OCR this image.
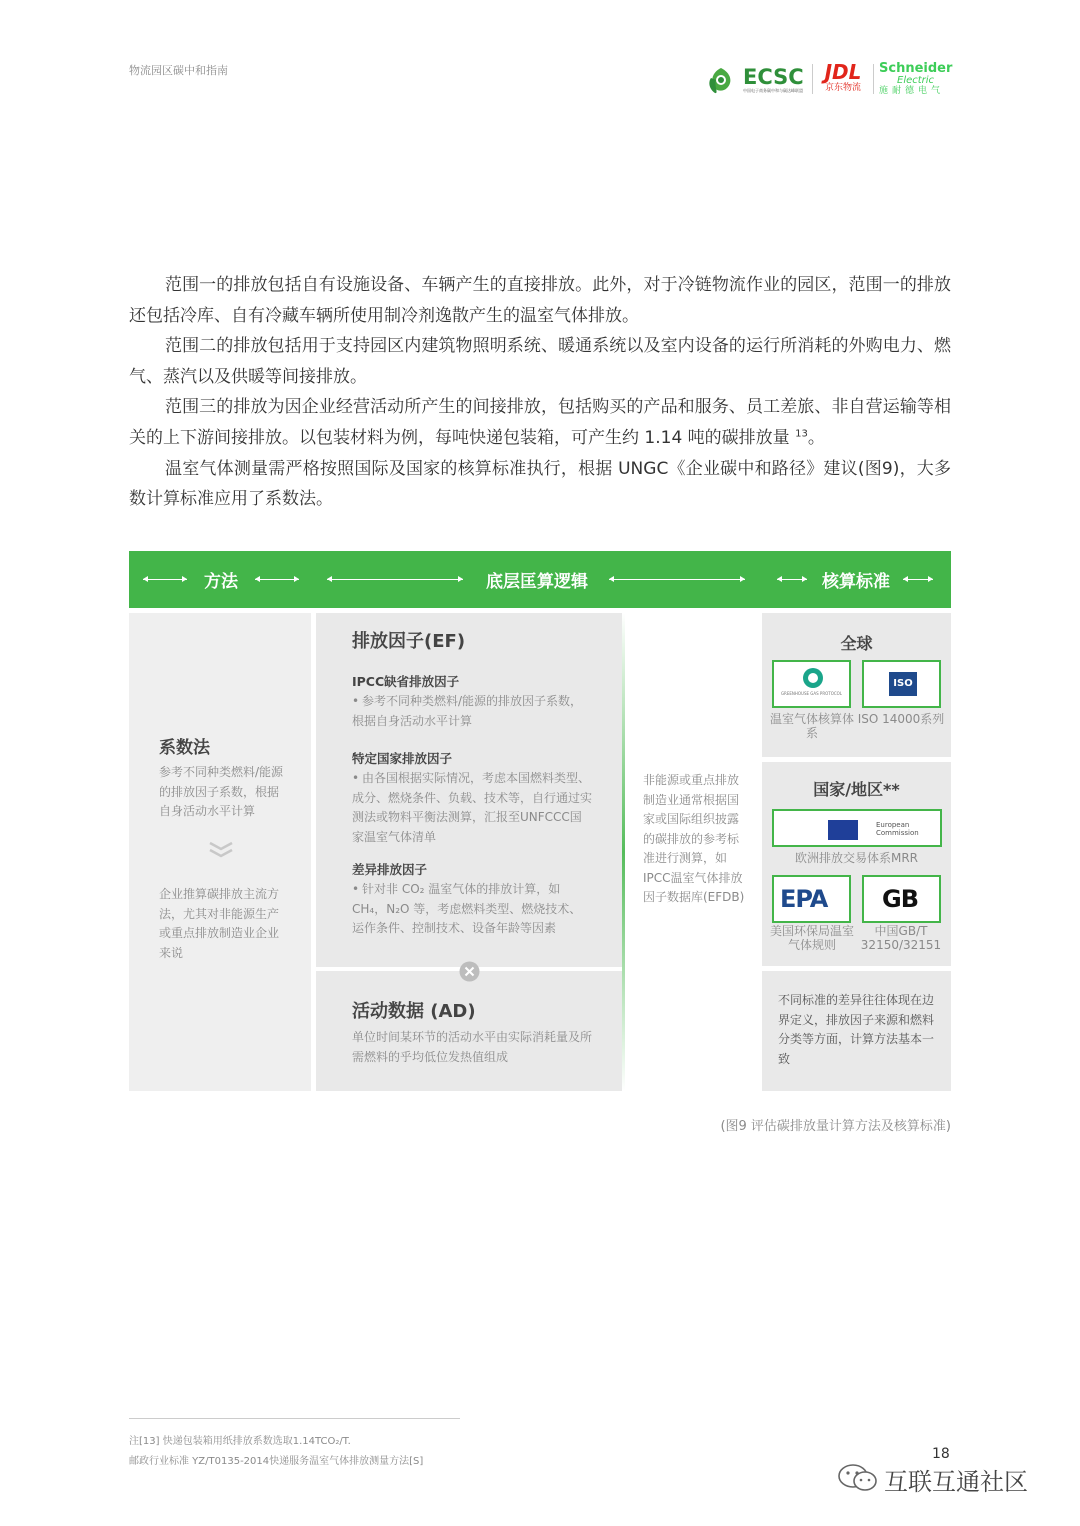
物流园区碳中和指南	ECSC
中国电子商务碳中和与碳达峰联盟
JDL
京东物流
Schneider
Electric
施耐德电气

范围一的排放包括自有设施设备、车辆产生的直接排放。此外，对于冷链物流作业的园区，范围一的排放还包括冷库、自有冷藏车辆所使用制冷剂逸散产生的温室气体排放。

范围二的排放包括用于支持园区内建筑物照明系统、暖通系统以及室内设备的运行所消耗的外购电力、燃气、蒸汽以及供暖等间接排放。

范围三的排放为因企业经营活动所产生的间接排放，包括购买的产品和服务、员工差旅、非自营运输等相关的上下游间接排放。以包装材料为例，每吨快递包装箱，可产生约 1.14 吨的碳排放量 $^{13}$。

温室气体测量需严格按照国际及国家的核算标准执行，根据 UNGC《企业碳中和路径》建议(图9)，大多数计算标准应用了系数法。

方法	底层匡算逻辑	核算标准
系数法
参考不同种类燃料/能源的排放因子系数，根据自身活动水平计算
企业推算碳排放主流方法，尤其对非能源生产或重点排放制造业企业来说
排放因子(EF)
IPCC缺省排放因子
• 参考不同种类燃料/能源的排放因子系数，根据自身活动水平计算
特定国家排放因子
• 由各国根据实际情况，考虑本国燃料类型、成分、燃烧条件、负载、技术等，自行通过实测法或物料平衡法测算，汇报至UNFCCC国家温室气体清单
差异排放因子
• 针对非 CO₂ 温室气体的排放计算，如CH₄，N₂O 等，考虑燃料类型、燃烧技术、运作条件、控制技术、设备年龄等因素
活动数据 (AD)
单位时间某环节的活动水平由实际消耗量及所需燃料的乎均低位发热值组成
非能源或重点排放制造业通常根据国家或国际组织披露的碳排放的参考标准进行测算，如IPCC温室气体排放因子数据库(EFDB)
全球
GREENHOUSE GAS PROTOCOL
温室气体核算体系
ISO
ISO 14000系列
国家/地区**
European Commission
欧洲排放交易体系MRR
EPA
美国环保局温室气体规则
GB
中国GB/T 32150/32151
不同标准的差异往往体现在边界定义，排放因子来源和燃料分类等方面，计算方法基本一致
(图9 评估碳排放量计算方法及核算标准)
注[13] 快递包装箱用纸排放系数选取1.14TCO₂/T.
邮政行业标准 YZ/T0135-2014快递服务温室气体排放测量方法[S]	18
互联互通社区
